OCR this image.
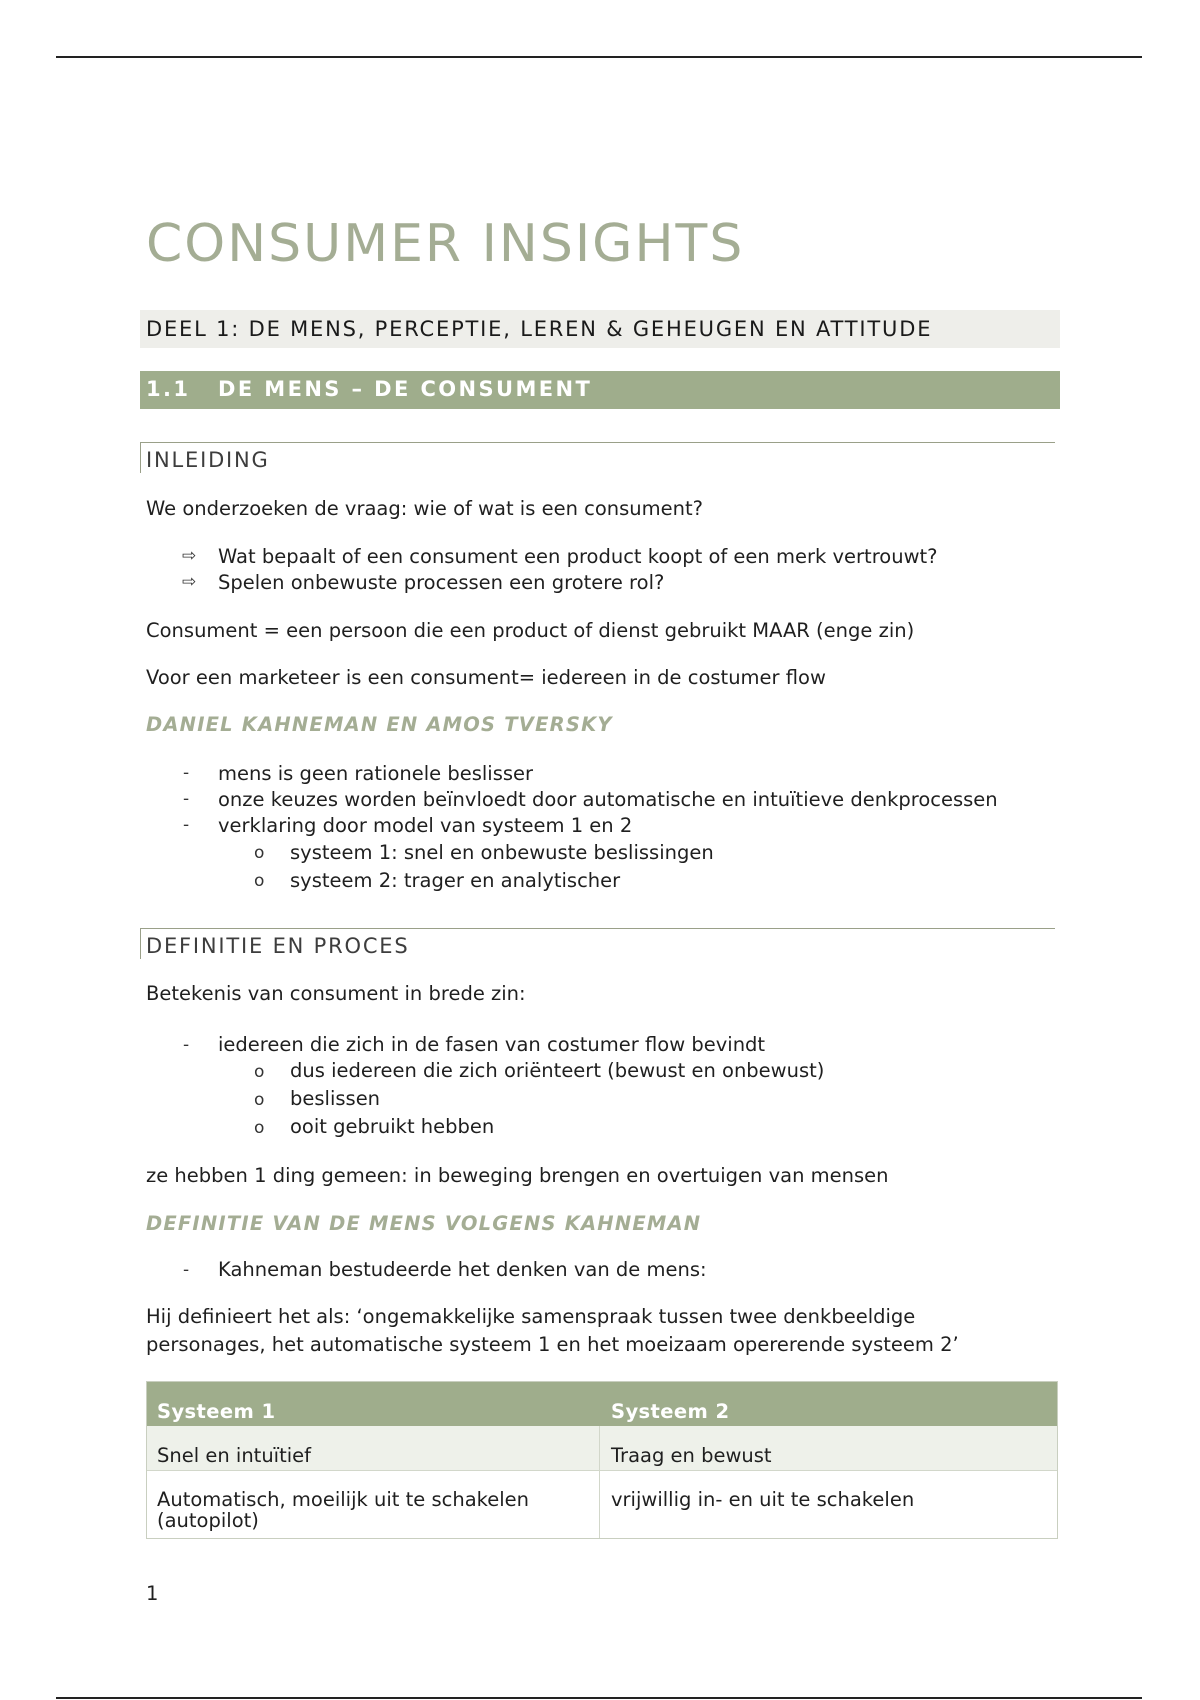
CONSUMER INSIGHTS
DEEL 1: DE MENS, PERCEPTIE, LEREN & GEHEUGEN EN ATTITUDE
1.1 DE MENS – DE CONSUMENT
INLEIDING
We onderzoeken de vraag: wie of wat is een consument?
⇨ Wat bepaalt of een consument een product koopt of een merk vertrouwt?
⇨ Spelen onbewuste processen een grotere rol?
Consument = een persoon die een product of dienst gebruikt MAAR (enge zin)
Voor een marketeer is een consument= iedereen in de costumer flow
DANIEL KAHNEMAN EN AMOS TVERSKY
- mens is geen rationele beslisser
- onze keuzes worden beïnvloedt door automatische en intuïtieve denkprocessen
- verklaring door model van systeem 1 en 2
o systeem 1: snel en onbewuste beslissingen
o systeem 2: trager en analytischer
DEFINITIE EN PROCES
Betekenis van consument in brede zin:
- iedereen die zich in de fasen van costumer flow bevindt
o dus iedereen die zich oriënteert (bewust en onbewust)
o beslissen
o ooit gebruikt hebben
ze hebben 1 ding gemeen: in beweging brengen en overtuigen van mensen
DEFINITIE VAN DE MENS VOLGENS KAHNEMAN
- Kahneman bestudeerde het denken van de mens:
Hij definieert het als: ‘ongemakkelijke samenspraak tussen twee denkbeeldige
personages, het automatische systeem 1 en het moeizaam opererende systeem 2’
Systeem 1	Systeem 2
Snel en intuïtief	Traag en bewust
Automatisch, moeilijk uit te schakelen
(autopilot)
vrijwillig in- en uit te schakelen
1
